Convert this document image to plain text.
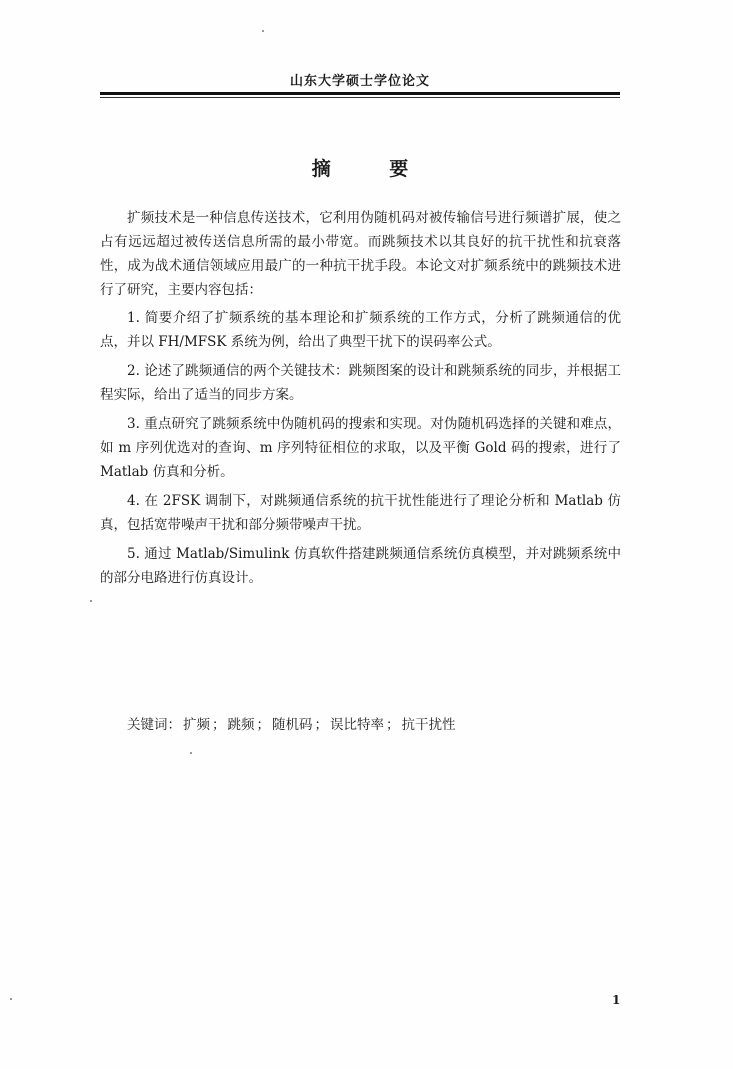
山东大学硕士学位论文
摘 要

扩频技术是一种信息传送技术，它利用伪随机码对被传输信号进行频谱扩展，使之占有远远超过被传送信息所需的最小带宽。而跳频技术以其良好的抗干扰性和抗衰落性，成为战术通信领域应用最广的一种抗干扰手段。本论文对扩频系统中的跳频技术进行了研究，主要内容包括：

1. 简要介绍了扩频系统的基本理论和扩频系统的工作方式，分析了跳频通信的优点，并以 FH/MFSK 系统为例，给出了典型干扰下的误码率公式。

2. 论述了跳频通信的两个关键技术：跳频图案的设计和跳频系统的同步，并根据工程实际，给出了适当的同步方案。

3. 重点研究了跳频系统中伪随机码的搜索和实现。对伪随机码选择的关键和难点，如 m 序列优选对的查询、m 序列特征相位的求取，以及平衡 Gold 码的搜索，进行了 Matlab 仿真和分析。

4. 在 2FSK 调制下，对跳频通信系统的抗干扰性能进行了理论分析和 Matlab 仿真，包括宽带噪声干扰和部分频带噪声干扰。

5. 通过 Matlab/Simulink 仿真软件搭建跳频通信系统仿真模型，并对跳频系统中的部分电路进行仿真设计。

关键词： 扩频 ； 跳频 ； 随机码 ； 误比特率 ； 抗干扰性
1
